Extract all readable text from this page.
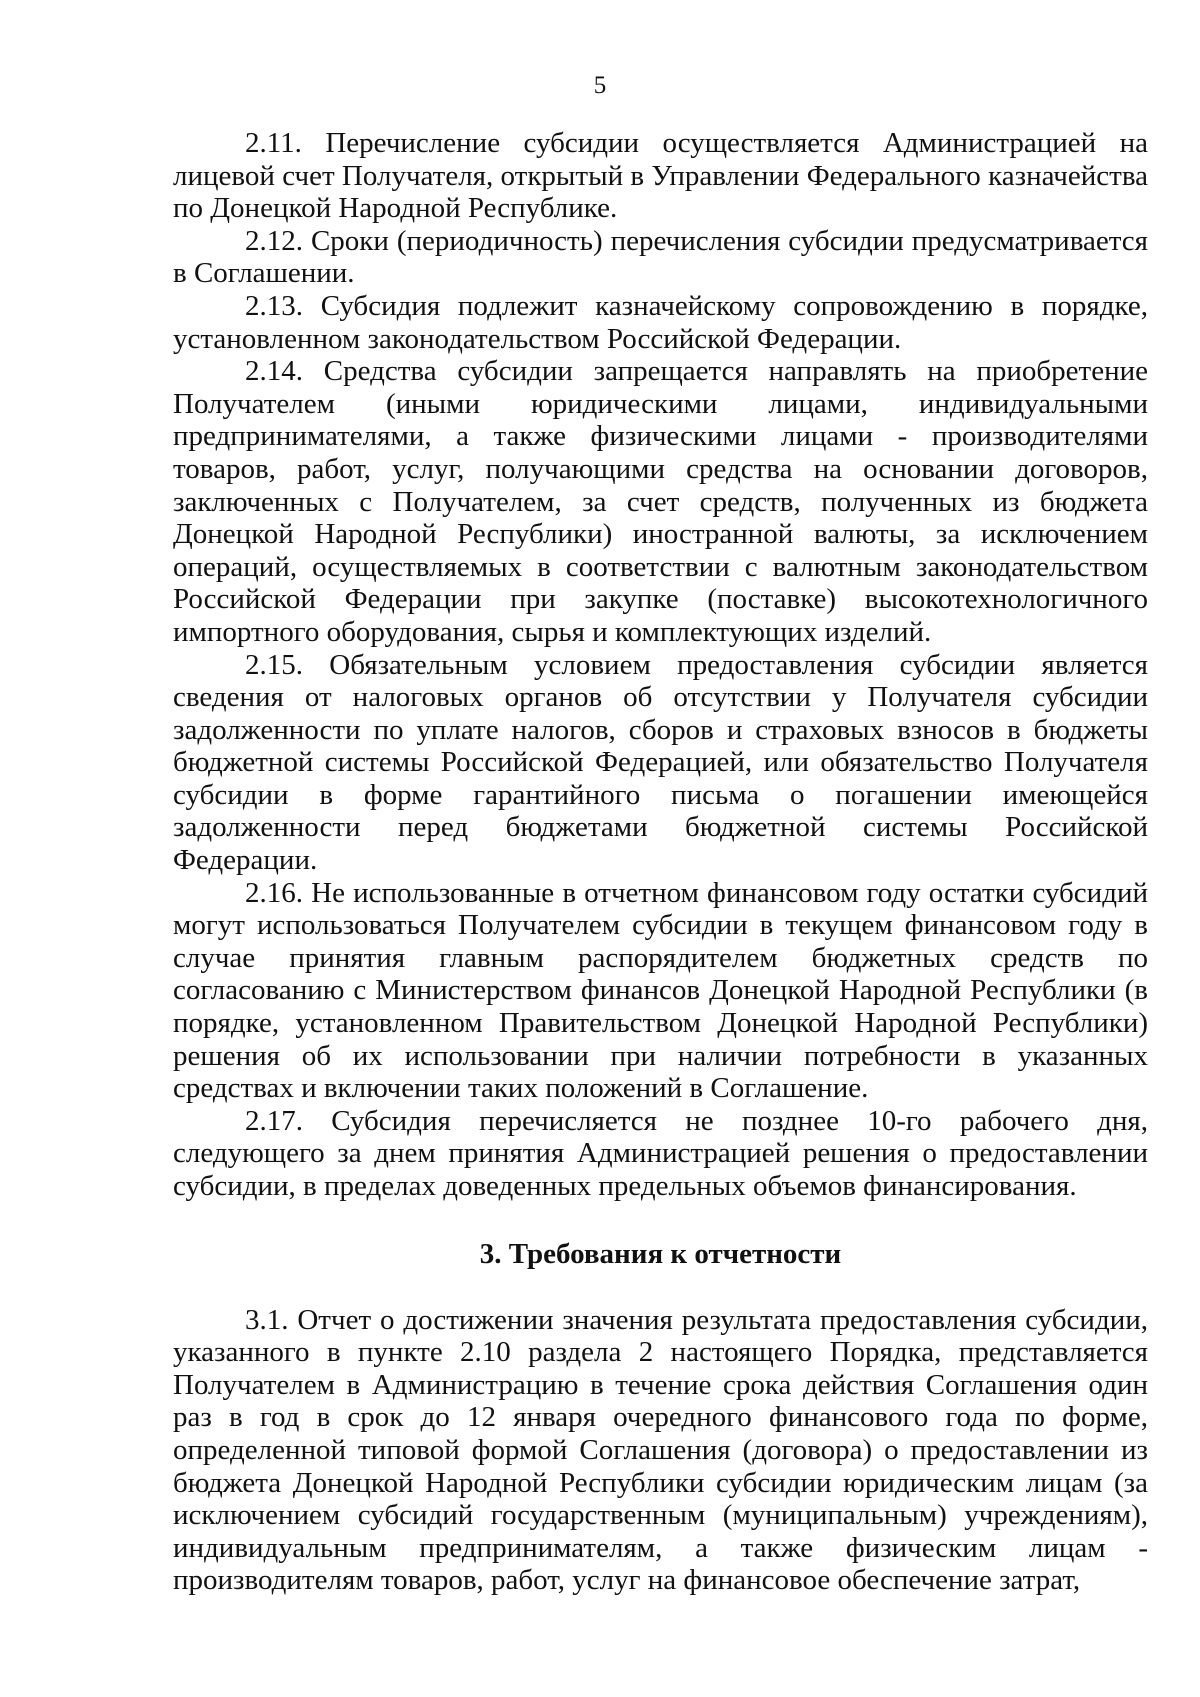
5

2.11. Перечисление субсидии осуществляется Администрацией на лицевой счет Получателя, открытый в Управлении Федерального казначейства по Донецкой Народной Республике.

2.12. Сроки (периодичность) перечисления субсидии предусматривается в Соглашении.

2.13. Субсидия подлежит казначейскому сопровождению в порядке, установленном законодательством Российской Федерации.

2.14. Средства субсидии запрещается направлять на приобретение Получателем (иными юридическими лицами, индивидуальными предпринимателями, а также физическими лицами - производителями товаров, работ, услуг, получающими средства на основании договоров, заключенных с Получателем, за счет средств, полученных из бюджета Донецкой Народной Республики) иностранной валюты, за исключением операций, осуществляемых в соответствии с валютным законодательством Российской Федерации при закупке (поставке) высокотехнологичного импортного оборудования, сырья и комплектующих изделий.

2.15. Обязательным условием предоставления субсидии является сведения от налоговых органов об отсутствии у Получателя субсидии задолженности по уплате налогов, сборов и страховых взносов в бюджеты бюджетной системы Российской Федерацией, или обязательство Получателя субсидии в форме гарантийного письма о погашении имеющейся задолженности перед бюджетами бюджетной системы Российской Федерации.

2.16. Не использованные в отчетном финансовом году остатки субсидий могут использоваться Получателем субсидии в текущем финансовом году в случае принятия главным распорядителем бюджетных средств по согласованию с Министерством финансов Донецкой Народной Республики (в порядке, установленном Правительством Донецкой Народной Республики) решения об их использовании при наличии потребности в указанных средствах и включении таких положений в Соглашение.

2.17. Субсидия перечисляется не позднее 10-го рабочего дня, следующего за днем принятия Администрацией решения о предоставлении субсидии, в пределах доведенных предельных объемов финансирования.

3. Требования к отчетности

3.1. Отчет о достижении значения результата предоставления субсидии, указанного в пункте 2.10 раздела 2 настоящего Порядка, представляется Получателем в Администрацию в течение срока действия Соглашения один раз в год в срок до 12 января очередного финансового года по форме, определенной типовой формой Соглашения (договора) о предоставлении из бюджета Донецкой Народной Республики субсидии юридическим лицам (за исключением субсидий государственным (муниципальным) учреждениям), индивидуальным предпринимателям, а также физическим лицам - производителям товаров, работ, услуг на финансовое обеспечение затрат,
